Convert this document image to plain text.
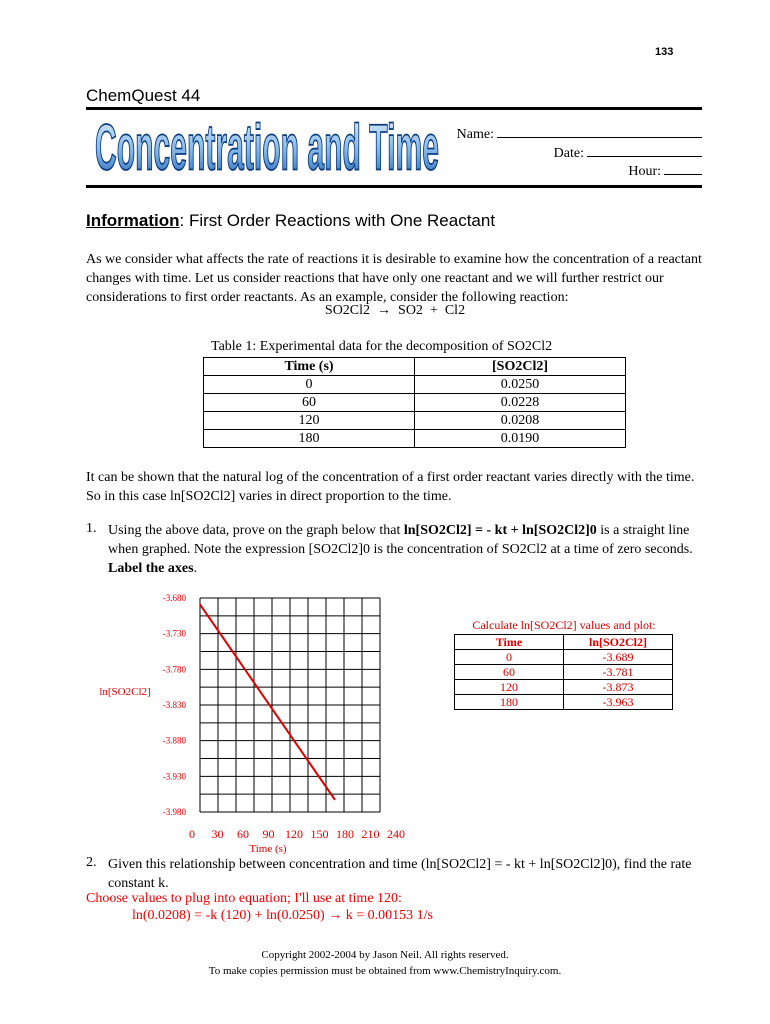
133
ChemQuest 44
Concentration and Time	Name:
Date:
Hour:
Information: First Order Reactions with One Reactant
As we consider what affects the rate of reactions it is desirable to examine how the concentration of a reactant changes with time. Let us consider reactions that have only one reactant and we will further restrict our considerations to first order reactants. As an example, consider the following reaction:
SO2Cl2 → SO2 + Cl2
Table 1: Experimental data for the decomposition of SO2Cl2
Time (s)	[SO2Cl2]
0	0.0250
60	0.0228
120	0.0208
180	0.0190
It can be shown that the natural log of the concentration of a first order reactant varies directly with the time. So in this case ln[SO2Cl2] varies in direct proportion to the time.
1. Using the above data, prove on the graph below that ln[SO2Cl2] = - kt + ln[SO2Cl2]0 is a straight line when graphed. Note the expression [SO2Cl2]0 is the concentration of SO2Cl2 at a time of zero seconds. Label the axes.
-3.680
-3.730
-3.780
-3.830
-3.880
-3.930
-3.980
0 30 60 90 120 150 180 210 240
ln[SO2Cl2]
Time (s)
Calculate ln[SO2Cl2] values and plot:
Time	ln[SO2Cl2]
0	-3.689
60	-3.781
120	-3.873
180	-3.963
2. Given this relationship between concentration and time (ln[SO2Cl2] = - kt + ln[SO2Cl2]0), find the rate constant k.
Choose values to plug into equation; I'll use at time 120:
ln(0.0208) = -k (120) + ln(0.0250) → k = 0.00153 1/s
Copyright 2002-2004 by Jason Neil. All rights reserved.
To make copies permission must be obtained from www.ChemistryInquiry.com.
